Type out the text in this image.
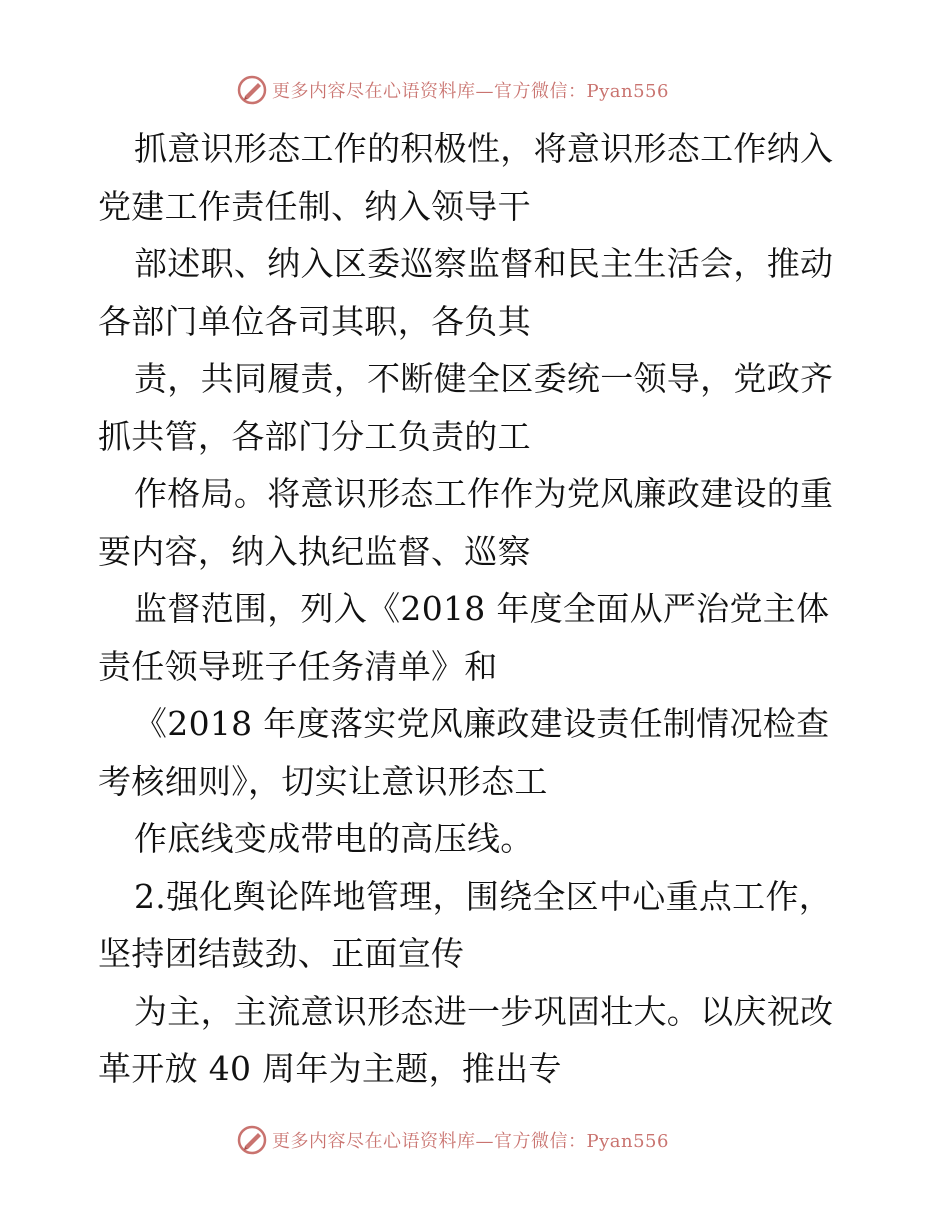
更多内容尽在心语资料库—官方微信：Pyan556

抓意识形态工作的积极性，将意识形态工作纳入党建工作责任制、纳入领导干

部述职、纳入区委巡察监督和民主生活会，推动各部门单位各司其职，各负其

责，共同履责，不断健全区委统一领导，党政齐抓共管，各部门分工负责的工

作格局。将意识形态工作作为党风廉政建设的重要内容，纳入执纪监督、巡察

监督范围，列入《2018 年度全面从严治党主体责任领导班子任务清单》和

《2018 年度落实党风廉政建设责任制情况检查考核细则》，切实让意识形态工

作底线变成带电的高压线。

2.强化舆论阵地管理，围绕全区中心重点工作，坚持团结鼓劲、正面宣传

为主，主流意识形态进一步巩固壮大。以庆祝改革开放 40 周年为主题，推出专

更多内容尽在心语资料库—官方微信：Pyan556
